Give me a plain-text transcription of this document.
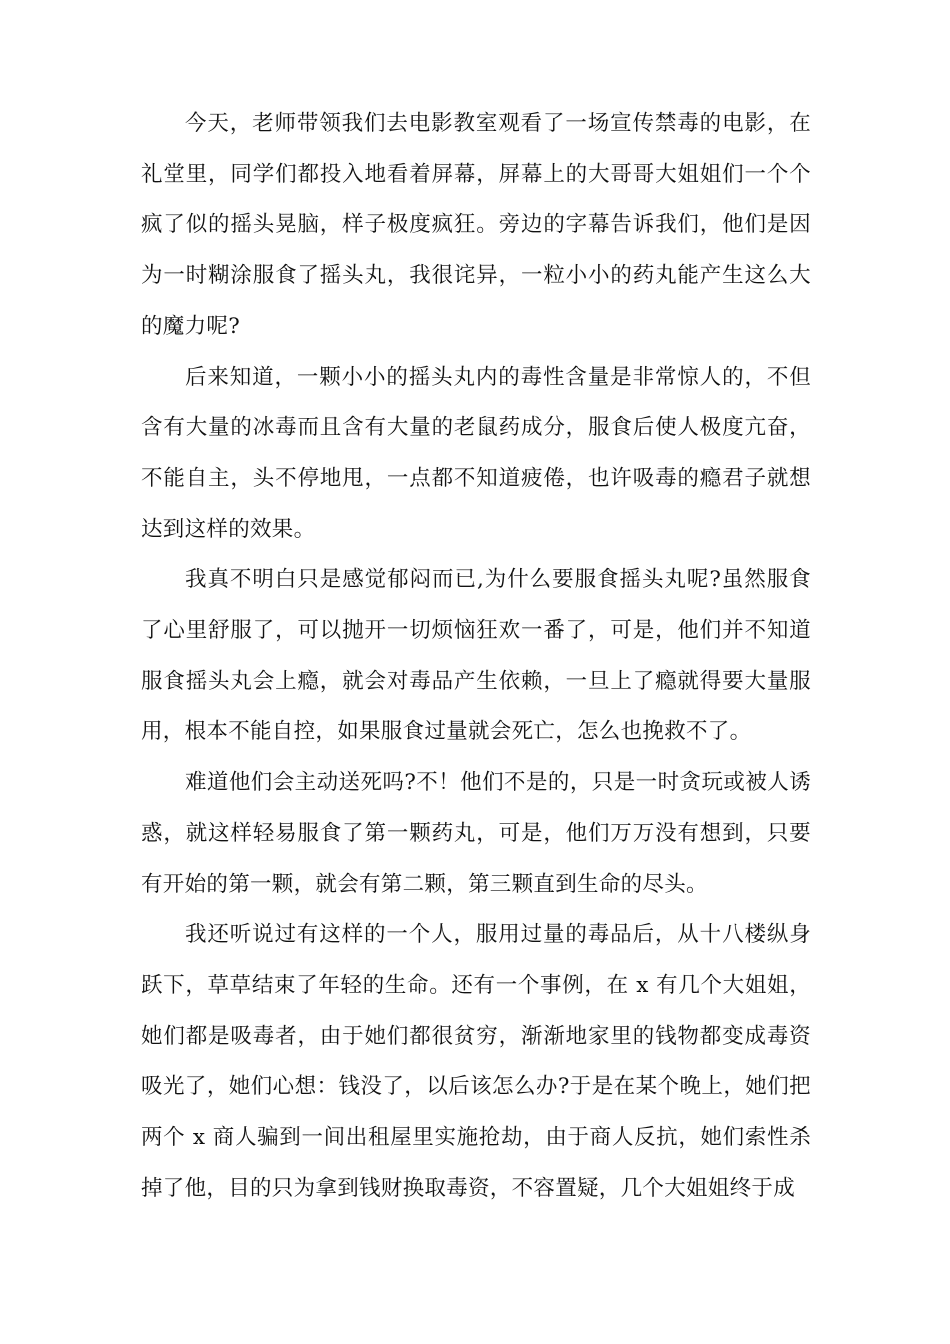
今天，老师带领我们去电影教室观看了一场宣传禁毒的电影，在礼堂里，同学们都投入地看着屏幕，屏幕上的大哥哥大姐姐们一个个疯了似的摇头晃脑，样子极度疯狂。旁边的字幕告诉我们，他们是因为一时糊涂服食了摇头丸，我很诧异，一粒小小的药丸能产生这么大的魔力呢?

后来知道，一颗小小的摇头丸内的毒性含量是非常惊人的，不但含有大量的冰毒而且含有大量的老鼠药成分，服食后使人极度亢奋，不能自主，头不停地甩，一点都不知道疲倦，也许吸毒的瘾君子就想达到这样的效果。

我真不明白只是感觉郁闷而已,为什么要服食摇头丸呢?虽然服食了心里舒服了，可以抛开一切烦恼狂欢一番了，可是，他们并不知道服食摇头丸会上瘾，就会对毒品产生依赖，一旦上了瘾就得要大量服用，根本不能自控，如果服食过量就会死亡，怎么也挽救不了。

难道他们会主动送死吗?不！他们不是的，只是一时贪玩或被人诱惑，就这样轻易服食了第一颗药丸，可是，他们万万没有想到，只要有开始的第一颗，就会有第二颗，第三颗直到生命的尽头。

我还听说过有这样的一个人，服用过量的毒品后，从十八楼纵身跃下，草草结束了年轻的生命。还有一个事例，在 x 有几个大姐姐，她们都是吸毒者，由于她们都很贫穷，渐渐地家里的钱物都变成毒资吸光了，她们心想：钱没了，以后该怎么办?于是在某个晚上，她们把两个 x 商人骗到一间出租屋里实施抢劫，由于商人反抗，她们索性杀掉了他，目的只为拿到钱财换取毒资，不容置疑，几个大姐姐终于成
